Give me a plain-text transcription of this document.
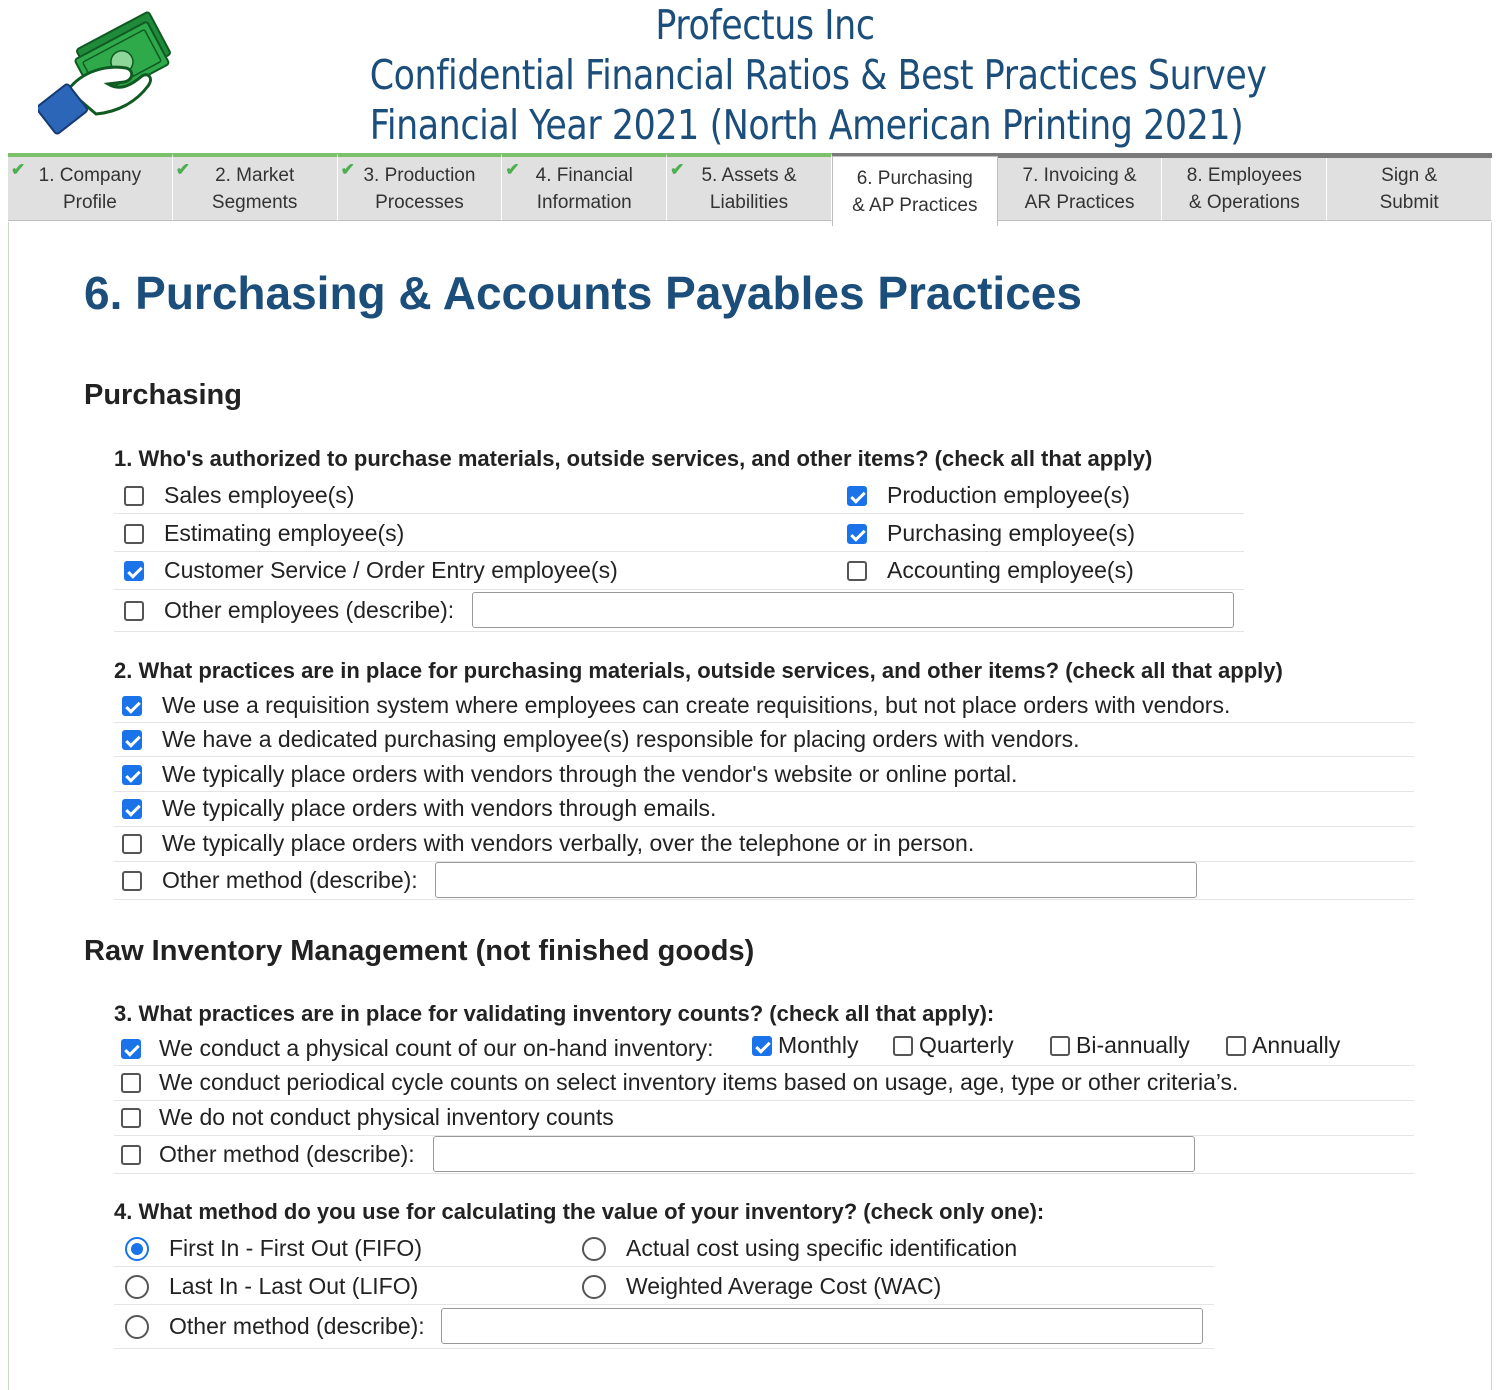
Profectus Inc
Confidential Financial Ratios & Best Practices Survey
Financial Year 2021 (North American Printing 2021)
✔ 1. Company
Profile
✔ 2. Market
Segments
✔ 3. Production
Processes
✔ 4. Financial
Information
✔ 5. Assets &
Liabilities
6. Purchasing
& AP Practices
7. Invoicing &
AR Practices
8. Employees
& Operations
Sign &
Submit
6. Purchasing & Accounts Payables Practices
Purchasing
1. Who's authorized to purchase materials, outside services, and other items? (check all that apply)
Sales employee(s)	Production employee(s)
Estimating employee(s)	Purchasing employee(s)
Customer Service / Order Entry employee(s)	Accounting employee(s)
Other employees (describe):
2. What practices are in place for purchasing materials, outside services, and other items? (check all that apply)
We use a requisition system where employees can create requisitions, but not place orders with vendors.
We have a dedicated purchasing employee(s) responsible for placing orders with vendors.
We typically place orders with vendors through the vendor's website or online portal.
We typically place orders with vendors through emails.
We typically place orders with vendors verbally, over the telephone or in person.
Other method (describe):
Raw Inventory Management (not finished goods)
3. What practices are in place for validating inventory counts? (check all that apply):
We conduct a physical count of our on-hand inventory:	Monthly	Quarterly	Bi-annually	Annually
We conduct periodical cycle counts on select inventory items based on usage, age, type or other criteria’s.
We do not conduct physical inventory counts
Other method (describe):
4. What method do you use for calculating the value of your inventory? (check only one):
First In - First Out (FIFO)	Actual cost using specific identification
Last In - Last Out (LIFO)	Weighted Average Cost (WAC)
Other method (describe):
